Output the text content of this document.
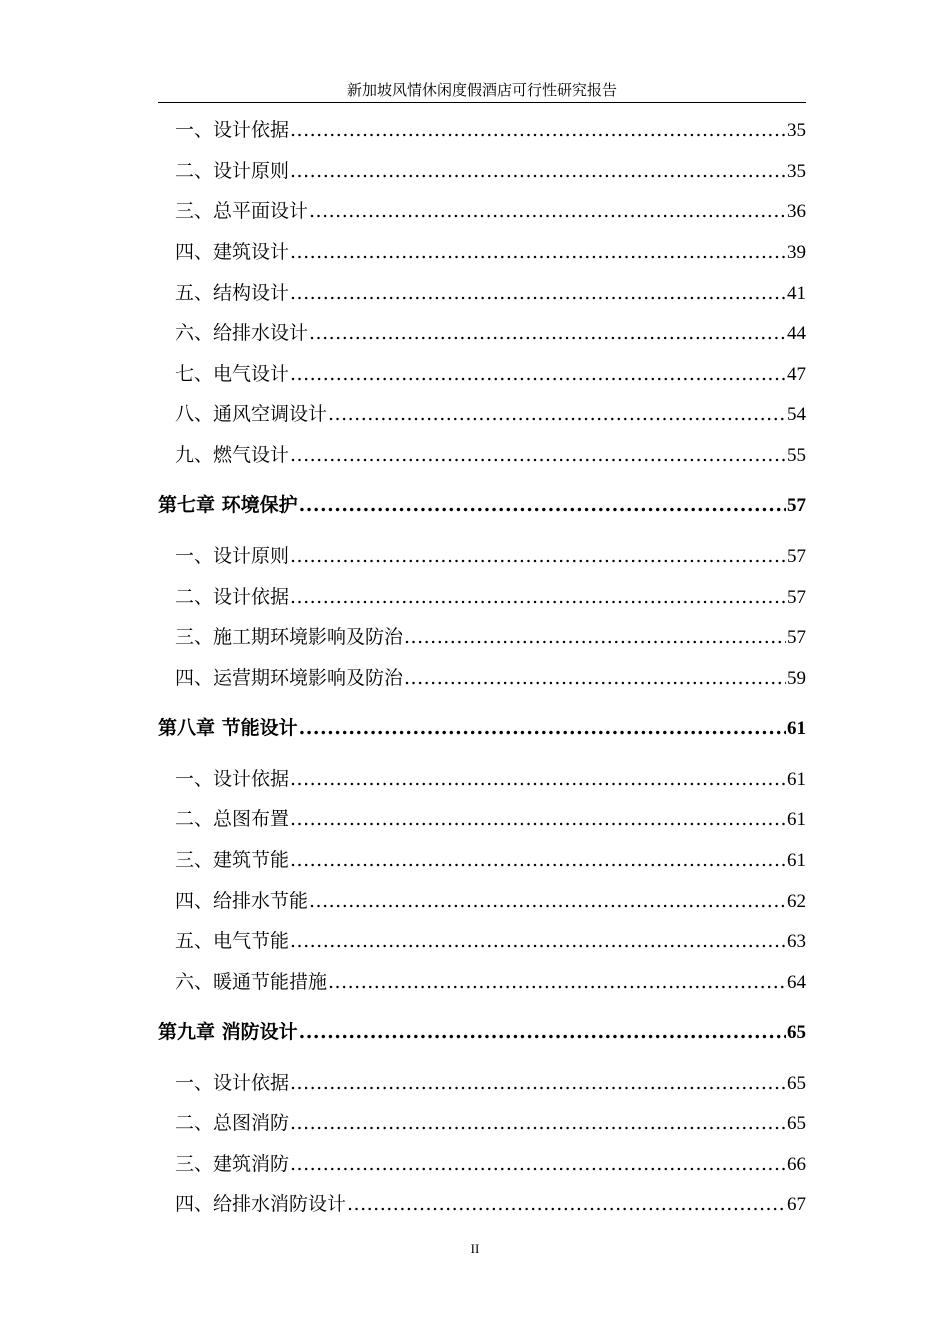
新加坡风情休闲度假酒店可行性研究报告
一、设计依据 .....	35
二、设计原则 .....	35
三、总平面设计 .....	36
四、建筑设计 .....	39
五、结构设计 .....	41
六、给排水设计 .....	44
七、电气设计 .....	47
八、通风空调设计 .....	54
九、燃气设计 .....	55
第七章 环境保护 .....	57
一、设计原则 .....	57
二、设计依据 .....	57
三、施工期环境影响及防治 .....	57
四、运营期环境影响及防治 .....	59
第八章 节能设计 .....	61
一、设计依据 .....	61
二、总图布置 .....	61
三、建筑节能 .....	61
四、给排水节能 .....	62
五、电气节能 .....	63
六、暖通节能措施 .....	64
第九章 消防设计 .....	65
一、设计依据 .....	65
二、总图消防 .....	65
三、建筑消防 .....	66
四、给排水消防设计 .....	67
II
